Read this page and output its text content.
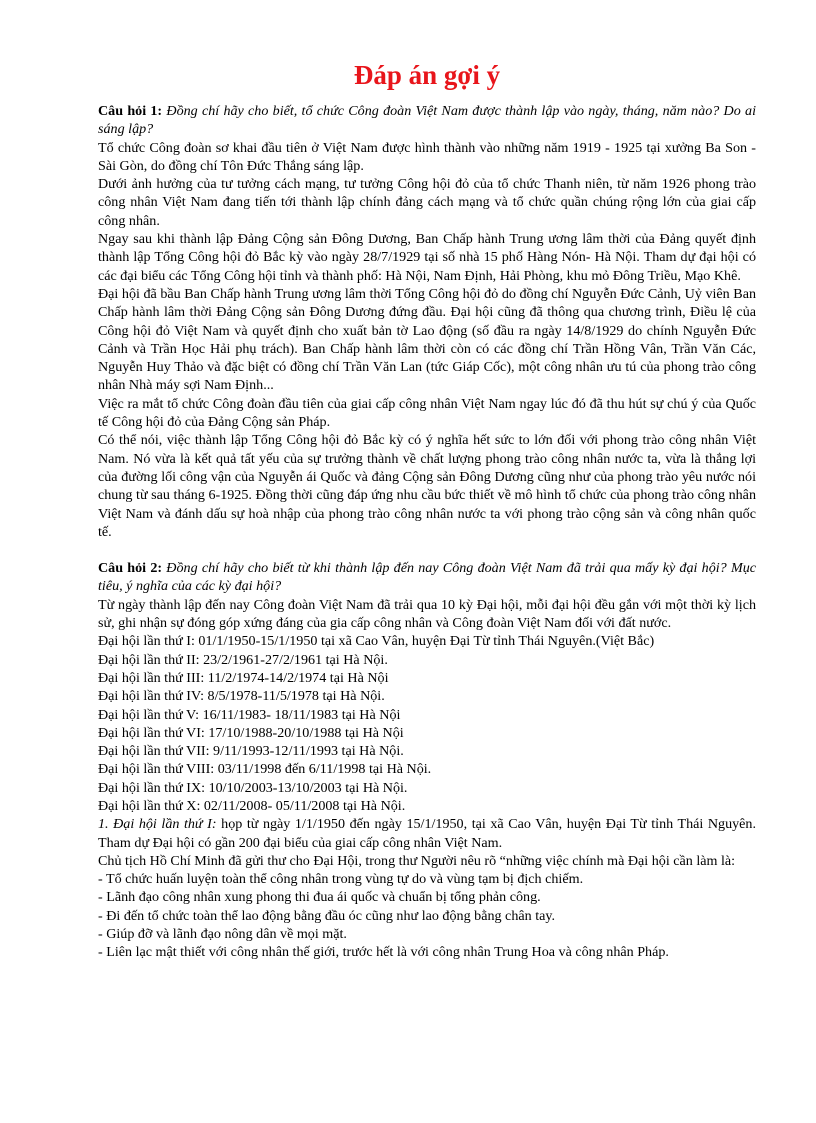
Đáp án gợi ý

Câu hỏi 1: Đồng chí hãy cho biết, tổ chức Công đoàn Việt Nam được thành lập vào ngày, tháng, năm nào? Do ai sáng lập?

Tổ chức Công đoàn sơ khai đầu tiên ở Việt Nam được hình thành vào những năm 1919 - 1925 tại xưởng Ba Son - Sài Gòn, do đồng chí Tôn Đức Thắng sáng lập.

Dưới ảnh hưởng của tư tưởng cách mạng, tư tưởng Công hội đỏ của tổ chức Thanh niên, từ năm 1926 phong trào công nhân Việt Nam đang tiến tới thành lập chính đảng cách mạng và tổ chức quần chúng rộng lớn của giai cấp công nhân.

Ngay sau khi thành lập Đảng Cộng sản Đông Dương, Ban Chấp hành Trung ương lâm thời của Đảng quyết định thành lập Tổng Công hội đỏ Bắc kỳ vào ngày 28/7/1929 tại số nhà 15 phố Hàng Nón- Hà Nội. Tham dự đại hội có các đại biểu các Tổng Công hội tỉnh và thành phố: Hà Nội, Nam Định, Hải Phòng, khu mỏ Đông Triều, Mạo Khê.

Đại hội đã bầu Ban Chấp hành Trung ương lâm thời Tổng Công hội đỏ do đồng chí Nguyễn Đức Cảnh, Uỷ viên Ban Chấp hành lâm thời Đảng Cộng sản Đông Dương đứng đầu. Đại hội cũng đã thông qua chương trình, Điều lệ của Công hội đỏ Việt Nam và quyết định cho xuất bản tờ Lao động (số đầu ra ngày 14/8/1929 do chính Nguyễn Đức Cảnh và Trần Học Hải phụ trách). Ban Chấp hành lâm thời còn có các đồng chí Trần Hồng Vân, Trần Văn Các, Nguyễn Huy Thảo và đặc biệt có đồng chí Trần Văn Lan (tức Giáp Cốc), một công nhân ưu tú của phong trào công nhân Nhà máy sợi Nam Định...

Việc ra mắt tổ chức Công đoàn đầu tiên của giai cấp công nhân Việt Nam ngay lúc đó đã thu hút sự chú ý của Quốc tế Công hội đỏ của Đảng Cộng sản Pháp.

Có thể nói, việc thành lập Tổng Công hội đỏ Bắc kỳ có ý nghĩa hết sức to lớn đối với phong trào công nhân Việt Nam. Nó vừa là kết quả tất yếu của sự trưởng thành về chất lượng phong trào công nhân nước ta, vừa là thắng lợi của đường lối công vận của Nguyễn ái Quốc và đảng Cộng sản Đông Dương cũng như của phong trào yêu nước nói chung từ sau tháng 6-1925. Đồng thời cũng đáp ứng nhu cầu bức thiết về mô hình tổ chức của phong trào công nhân Việt Nam và đánh dấu sự hoà nhập của phong trào công nhân nước ta với phong trào cộng sản và công nhân quốc tế.

Câu hỏi 2: Đồng chí hãy cho biết từ khi thành lập đến nay Công đoàn Việt Nam đã trải qua mấy kỳ đại hội? Mục tiêu, ý nghĩa của các kỳ đại hội?

Từ ngày thành lập đến nay Công đoàn Việt Nam đã trải qua 10 kỳ Đại hội, mỗi đại hội đều gắn với một thời kỳ lịch sử, ghi nhận sự đóng góp xứng đáng của gia cấp công nhân và Công đoàn Việt Nam đối với đất nước.

Đại hội lần thứ I: 01/1/1950-15/1/1950 tại xã Cao Vân, huyện Đại Từ tỉnh Thái Nguyên.(Việt Bắc)

Đại hội lần thứ II: 23/2/1961-27/2/1961 tại Hà Nội.

Đại hội lần thứ III: 11/2/1974-14/2/1974 tại Hà Nội

Đại hội lần thứ IV: 8/5/1978-11/5/1978 tại Hà Nội.

Đại hội lần thứ V: 16/11/1983- 18/11/1983 tại Hà Nội

Đại hội lần thứ VI: 17/10/1988-20/10/1988 tại Hà Nội

Đại hội lần thứ VII: 9/11/1993-12/11/1993 tại Hà Nội.

Đại hội lần thứ VIII: 03/11/1998 đến 6/11/1998 tại Hà Nội.

Đại hội lần thứ IX: 10/10/2003-13/10/2003 tại Hà Nội.

Đại hội lần thứ X: 02/11/2008- 05/11/2008 tại Hà Nội.

1. Đại hội lần thứ I: họp từ ngày 1/1/1950 đến ngày 15/1/1950, tại xã Cao Vân, huyện Đại Từ tỉnh Thái Nguyên. Tham dự Đại hội có gần 200 đại biểu của giai cấp công nhân Việt Nam.

Chủ tịch Hồ Chí Minh đã gửi thư cho Đại Hội, trong thư Người nêu rõ “những việc chính mà Đại hội cần làm là:

- Tổ chức huấn luyện toàn thể công nhân trong vùng tự do và vùng tạm bị địch chiếm.

- Lãnh đạo công nhân xung phong thi đua ái quốc và chuẩn bị tổng phản công.

- Đi đến tổ chức toàn thể lao động bằng đầu óc cũng như lao động bằng chân tay.

- Giúp đỡ và lãnh đạo nông dân về mọi mặt.

- Liên lạc mật thiết với công nhân thế giới, trước hết là với công nhân Trung Hoa và công nhân Pháp.
